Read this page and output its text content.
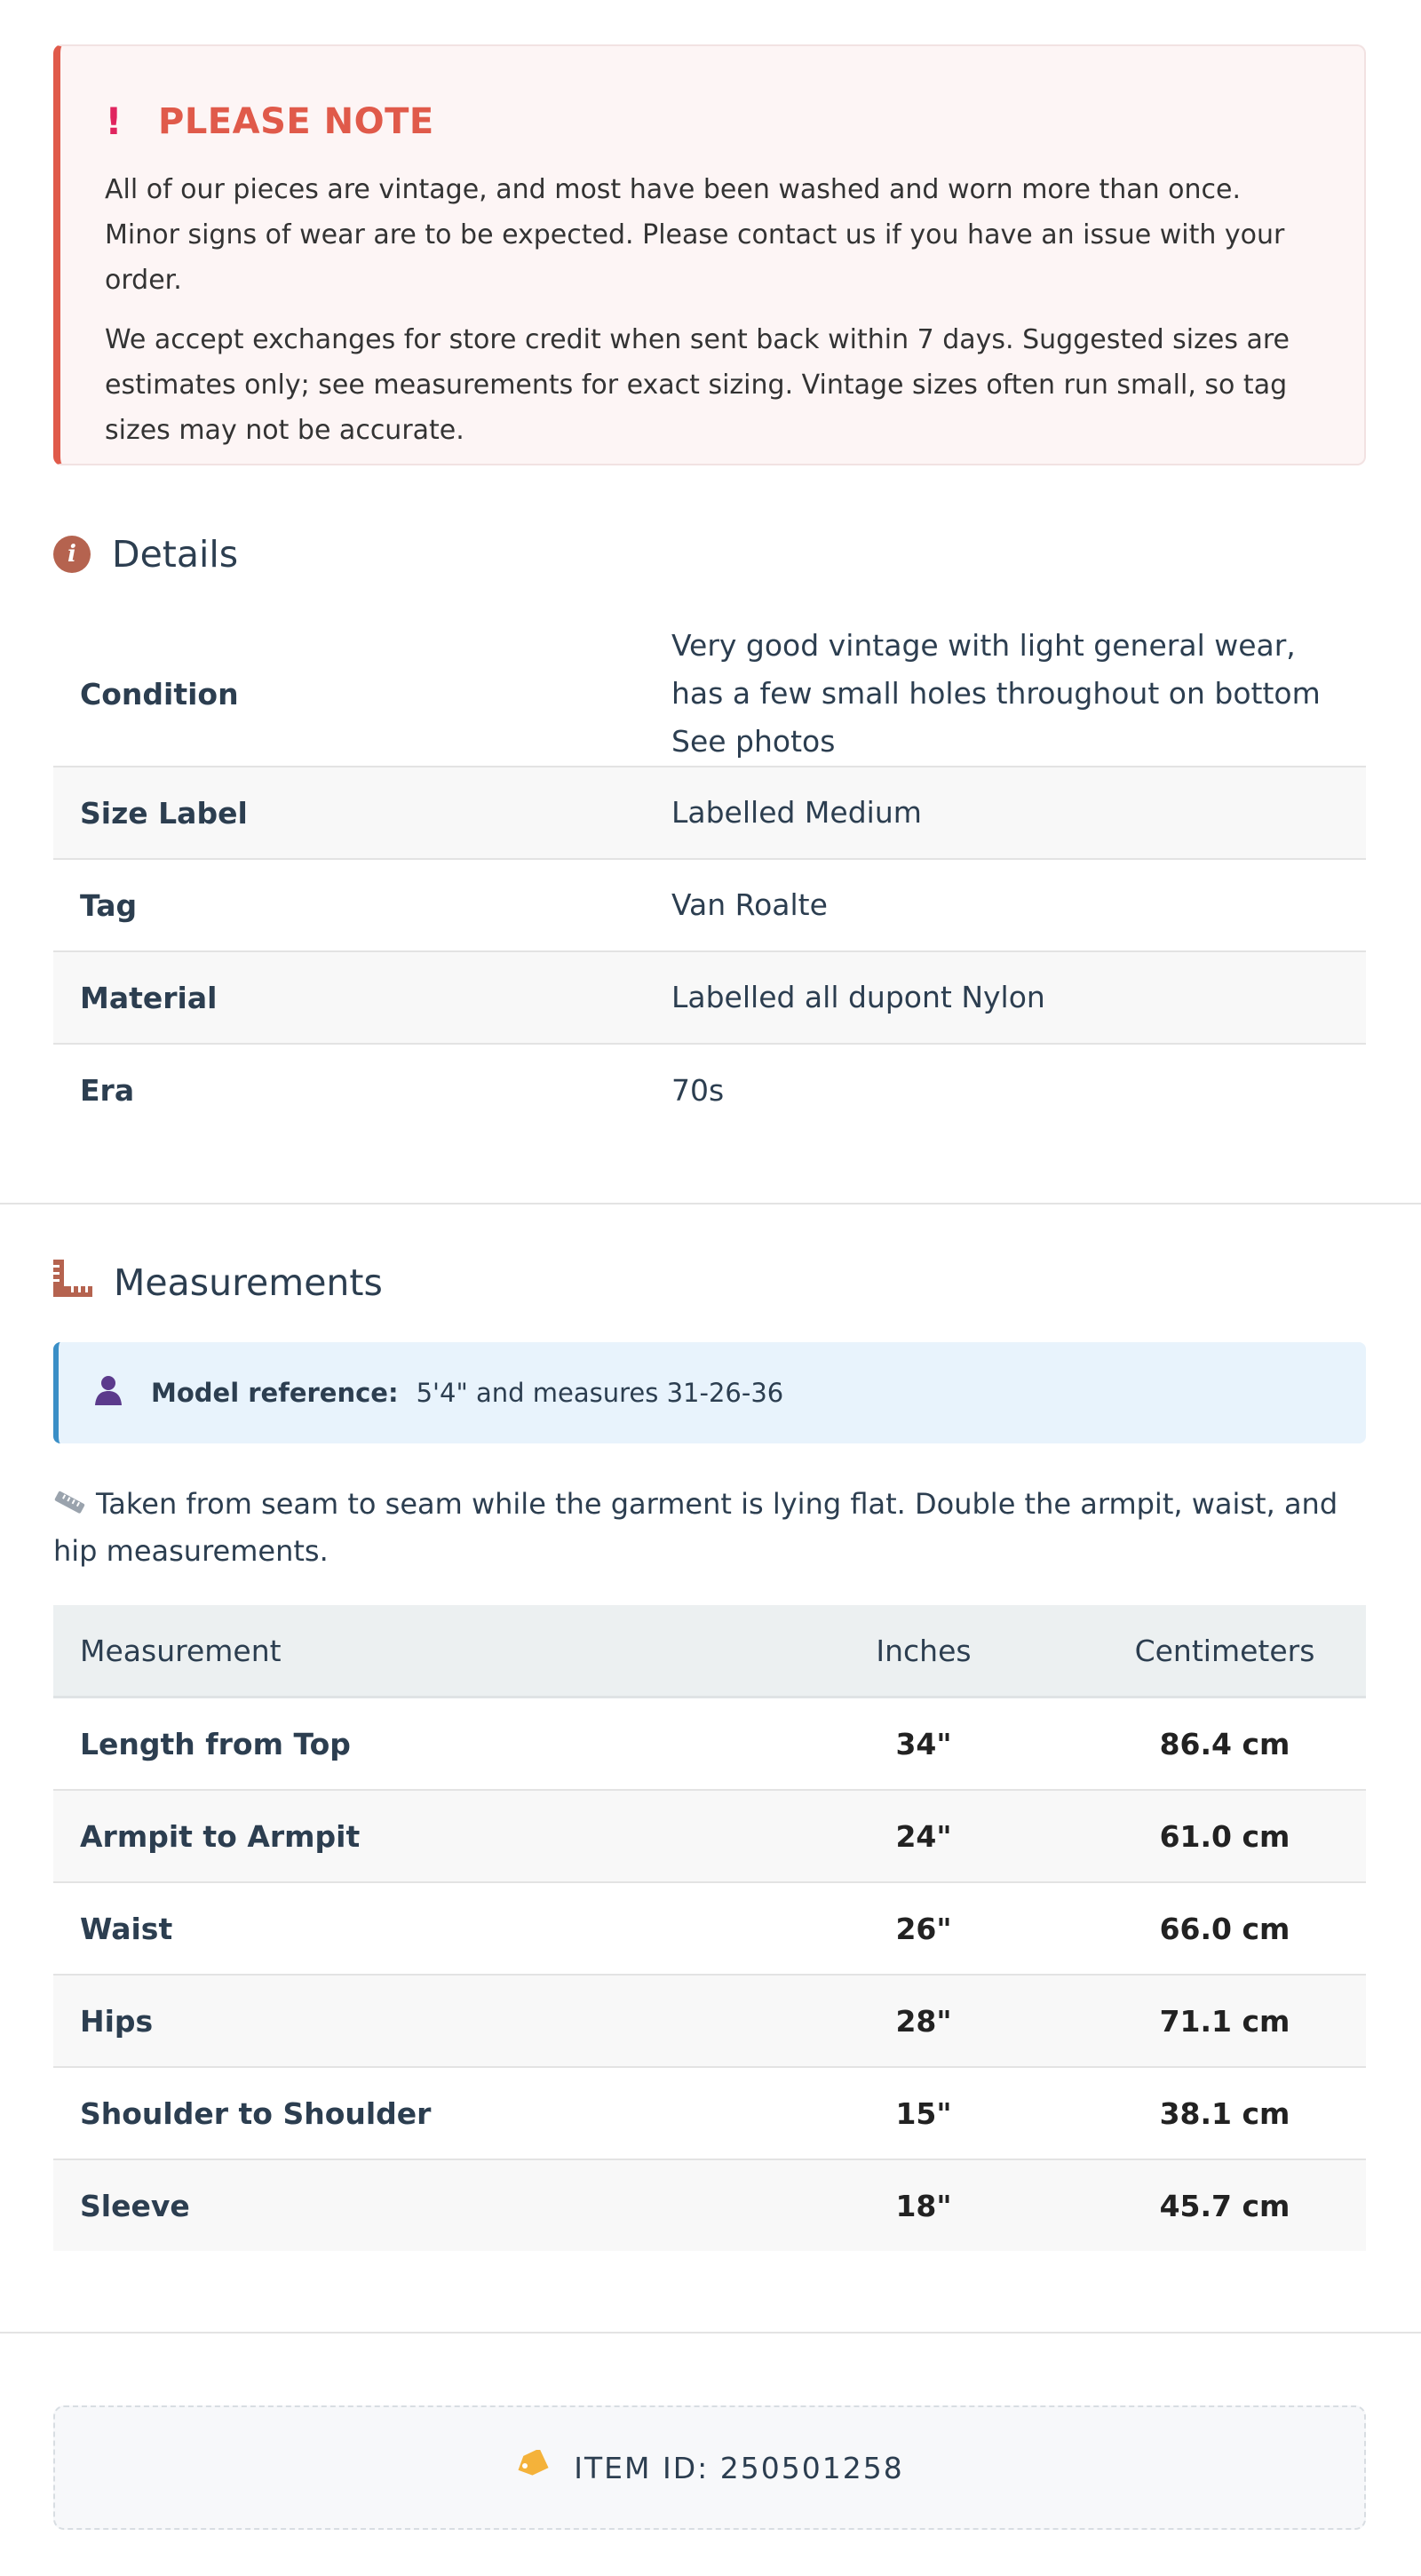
! PLEASE NOTE

All of our pieces are vintage, and most have been washed and worn more than once. Minor signs of wear are to be expected. Please contact us if you have an issue with your order.

We accept exchanges for store credit when sent back within 7 days. Suggested sizes are estimates only; see measurements for exact sizing. Vintage sizes often run small, so tag sizes may not be accurate.

i Details
Condition	Very good vintage with light general wear, has a few small holes throughout on bottom See photos
Size Label	Labelled Medium
Tag	Van Roalte
Material	Labelled all dupont Nylon
Era	70s
Measurements
Model reference: 5'4" and measures 31-26-36
Taken from seam to seam while the garment is lying flat. Double the armpit, waist, and hip measurements.
Measurement	Inches	Centimeters
Length from Top	34"	86.4 cm
Armpit to Armpit	24"	61.0 cm
Waist	26"	66.0 cm
Hips	28"	71.1 cm
Shoulder to Shoulder	15"	38.1 cm
Sleeve	18"	45.7 cm
ITEM ID: 250501258
